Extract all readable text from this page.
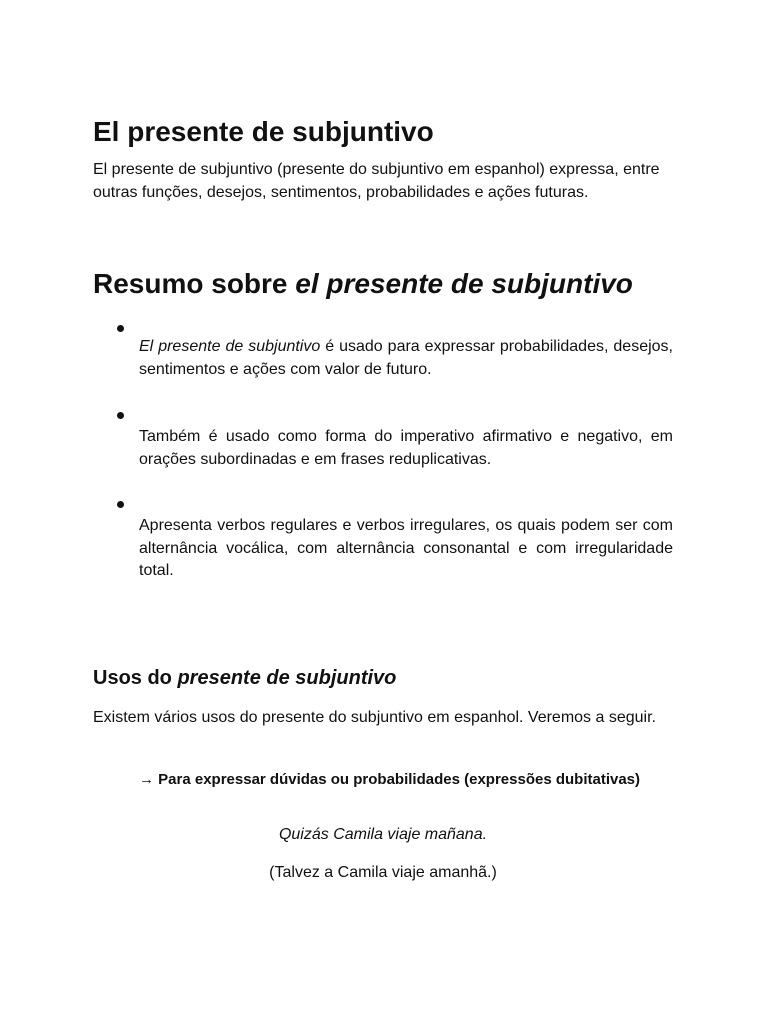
El presente de subjuntivo

El presente de subjuntivo (presente do subjuntivo em espanhol) expressa, entre outras funções, desejos, sentimentos, probabilidades e ações futuras.

Resumo sobre el presente de subjuntivo
El presente de subjuntivo é usado para expressar probabilidades, desejos, sentimentos e ações com valor de futuro.
Também é usado como forma do imperativo afirmativo e negativo, em orações subordinadas e em frases reduplicativas.
Apresenta verbos regulares e verbos irregulares, os quais podem ser com alternância vocálica, com alternância consonantal e com irregularidade total.
Usos do presente de subjuntivo

Existem vários usos do presente do subjuntivo em espanhol. Veremos a seguir.

→ Para expressar dúvidas ou probabilidades (expressões dubitativas)

Quizás Camila viaje mañana.

(Talvez a Camila viaje amanhã.)
